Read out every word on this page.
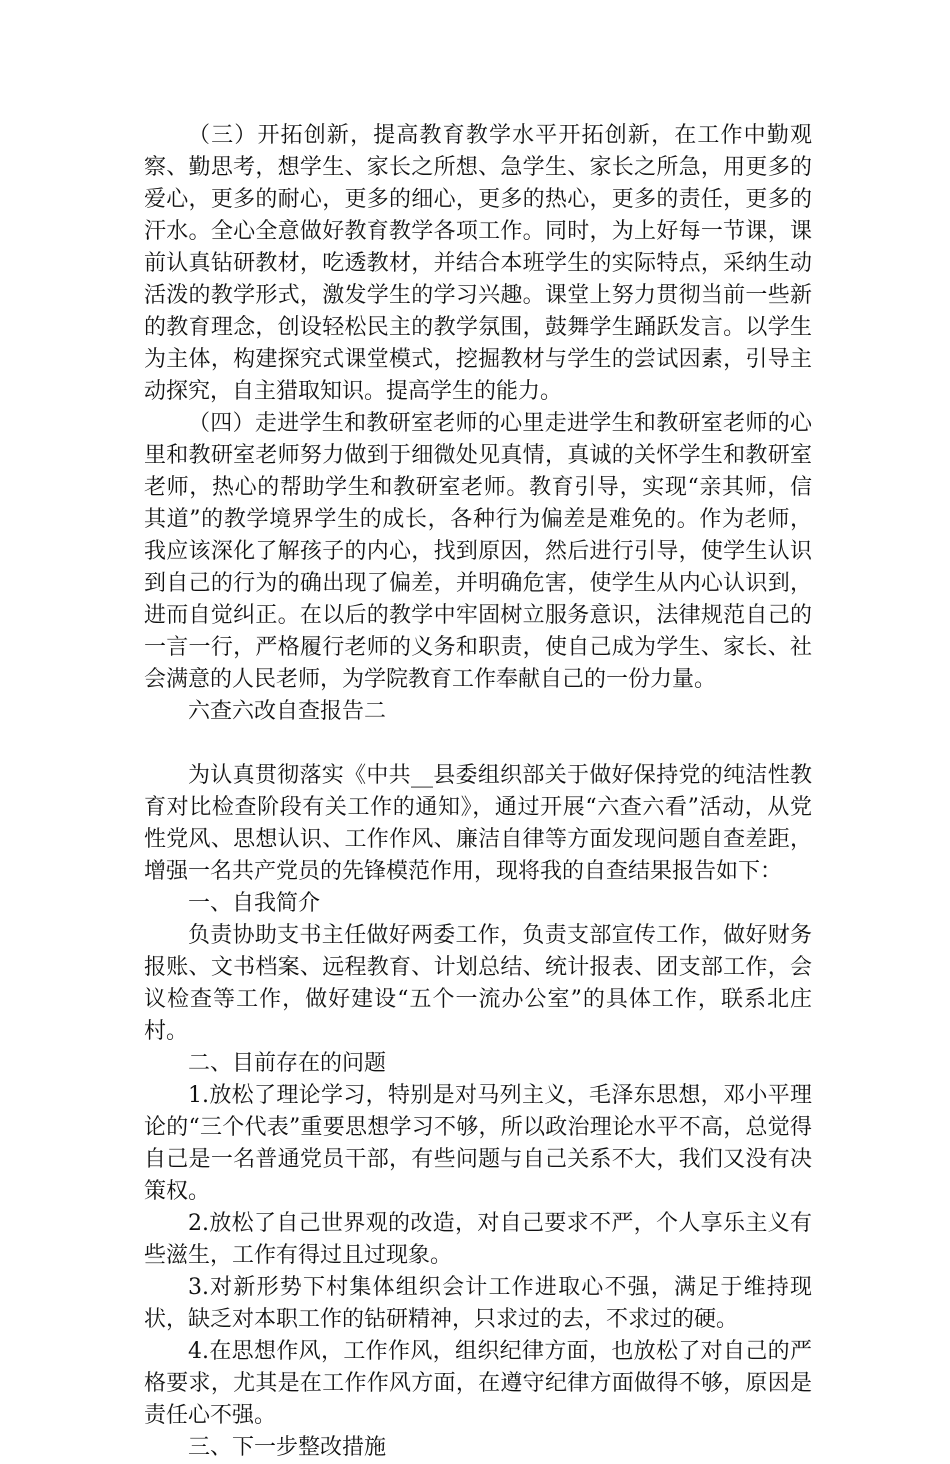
（三）开拓创新，提高教育教学水平开拓创新，在工作中勤观察、勤思考，想学生、家长之所想、急学生、家长之所急，用更多的爱心，更多的耐心，更多的细心，更多的热心，更多的责任，更多的汗水。全心全意做好教育教学各项工作。同时，为上好每一节课，课前认真钻研教材，吃透教材，并结合本班学生的实际特点，采纳生动活泼的教学形式，激发学生的学习兴趣。课堂上努力贯彻当前一些新的教育理念，创设轻松民主的教学氛围，鼓舞学生踊跃发言。以学生为主体，构建探究式课堂模式，挖掘教材与学生的尝试因素，引导主动探究，自主猎取知识。提高学生的能力。

（四）走进学生和教研室老师的心里走进学生和教研室老师的心里和教研室老师努力做到于细微处见真情，真诚的关怀学生和教研室老师，热心的帮助学生和教研室老师。教育引导，实现“亲其师，信其道”的教学境界学生的成长，各种行为偏差是难免的。作为老师，我应该深化了解孩子的内心，找到原因，然后进行引导，使学生认识到自己的行为的确出现了偏差，并明确危害，使学生从内心认识到，进而自觉纠正。在以后的教学中牢固树立服务意识，法律规范自己的一言一行，严格履行老师的义务和职责，使自己成为学生、家长、社会满意的人民老师，为学院教育工作奉献自己的一份力量。

六查六改自查报告二

为认真贯彻落实《中共__县委组织部关于做好保持党的纯洁性教育对比检查阶段有关工作的通知》，通过开展“六查六看”活动，从党性党风、思想认识、工作作风、廉洁自律等方面发现问题自查差距，增强一名共产党员的先锋模范作用，现将我的自查结果报告如下：

一、自我简介

负责协助支书主任做好两委工作，负责支部宣传工作，做好财务报账、文书档案、远程教育、计划总结、统计报表、团支部工作，会议检查等工作，做好建设“五个一流办公室”的具体工作，联系北庄村。

二、目前存在的问题

1.放松了理论学习，特别是对马列主义，毛泽东思想，邓小平理论的“三个代表”重要思想学习不够，所以政治理论水平不高，总觉得自己是一名普通党员干部，有些问题与自己关系不大，我们又没有决策权。

2.放松了自己世界观的改造，对自己要求不严，个人享乐主义有些滋生，工作有得过且过现象。

3.对新形势下村集体组织会计工作进取心不强，满足于维持现状，缺乏对本职工作的钻研精神，只求过的去，不求过的硬。

4.在思想作风，工作作风，组织纪律方面，也放松了对自己的严格要求，尤其是在工作作风方面，在遵守纪律方面做得不够，原因是责任心不强。

三、下一步整改措施
